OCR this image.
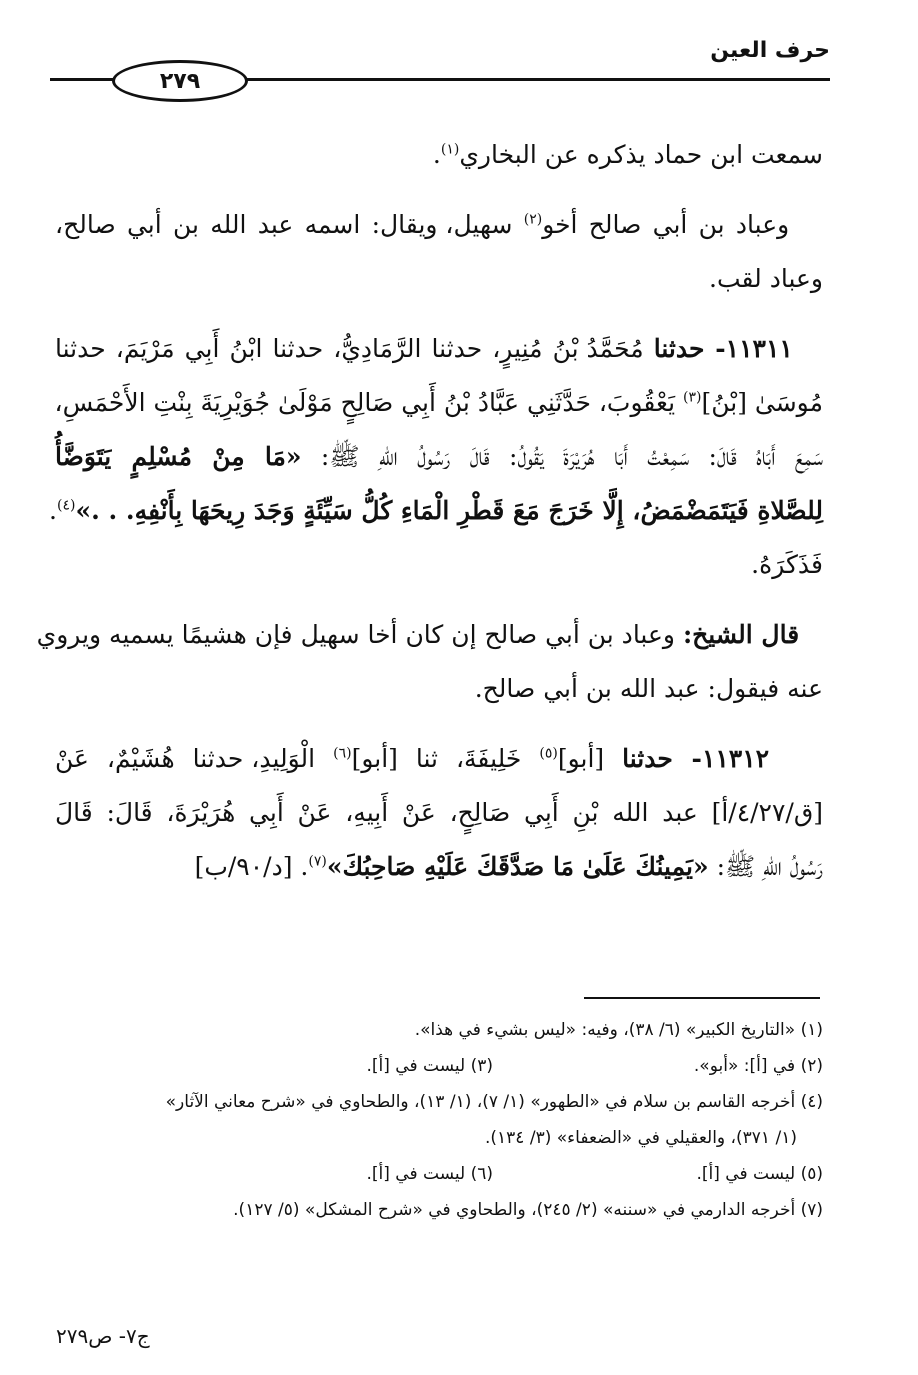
حرف العين
٢٧٩
سمعت ابن حماد يذكره عن البخاري$^{(١)}$.
وعباد بن أبي صالح أخو$^{(٢)}$ سهيل، ويقال: اسمه عبد الله بن أبي صالح،
وعباد لقب.
١١٣١١- حدثنا مُحَمَّدُ بْنُ مُنِيرٍ، حدثنا الرَّمَادِيُّ، حدثنا ابْنُ أَبِي مَرْيَمَ، حدثنا
مُوسَىٰ [بْنُ]$^{(٣)}$ يَعْقُوبَ، حَدَّثَنِي عَبَّادُ بْنُ أَبِي صَالِحٍ مَوْلَىٰ جُوَيْرِيَةَ بِنْتِ الأَحْمَسِ،
سَمِعَ أَبَاهُ قَالَ: سَمِعْتُ أَبَا هُرَيْرَةَ يَقُولُ: قَالَ رَسُولُ اللهِ ﷺ: «مَا مِنْ مُسْلِمٍ يَتَوَضَّأُ
لِلصَّلاةِ فَيَتَمَضْمَضُ، إِلَّا خَرَجَ مَعَ قَطْرِ الْمَاءِ كُلُّ سَيِّئَةٍ وَجَدَ رِيحَهَا بِأَنْفِهِ. . .»$^{(٤)}$.
فَذَكَرَهُ.
قال الشيخ: وعباد بن أبي صالح إن كان أخا سهيل فإن هشيمًا يسميه ويروي
عنه فيقول: عبد الله بن أبي صالح.
١١٣١٢- حدثنا [أبو]$^{(٥)}$ خَلِيفَةَ، ثنا [أبو]$^{(٦)}$ الْوَلِيدِ، حدثنا هُشَيْمٌ، عَنْ
[ق/٤/٢٧/أ] عبد الله بْنِ أَبِي صَالِحٍ، عَنْ أَبِيهِ، عَنْ أَبِي هُرَيْرَةَ، قَالَ: قَالَ
رَسُولُ اللهِ ﷺ: «يَمِينُكَ عَلَىٰ مَا صَدَّقَكَ عَلَيْهِ صَاحِبُكَ»$^{(٧)}$. [د/٩٠/ب]
(١) «التاريخ الكبير» (٦/ ٣٨)، وفيه: «ليس بشيء في هذا».
(٢) في [أ]: «أبو».
(٣) ليست في [أ].
(٤) أخرجه القاسم بن سلام في «الطهور» (١/ ٧)، (١/ ١٣)، والطحاوي في «شرح معاني الآثار»
(١/ ٣٧١)، والعقيلي في «الضعفاء» (٣/ ١٣٤).
(٥) ليست في [أ].
(٦) ليست في [أ].
(٧) أخرجه الدارمي في «سننه» (٢/ ٢٤٥)، والطحاوي في «شرح المشكل» (٥/ ١٢٧).
ج٧- ص٢٧٩
